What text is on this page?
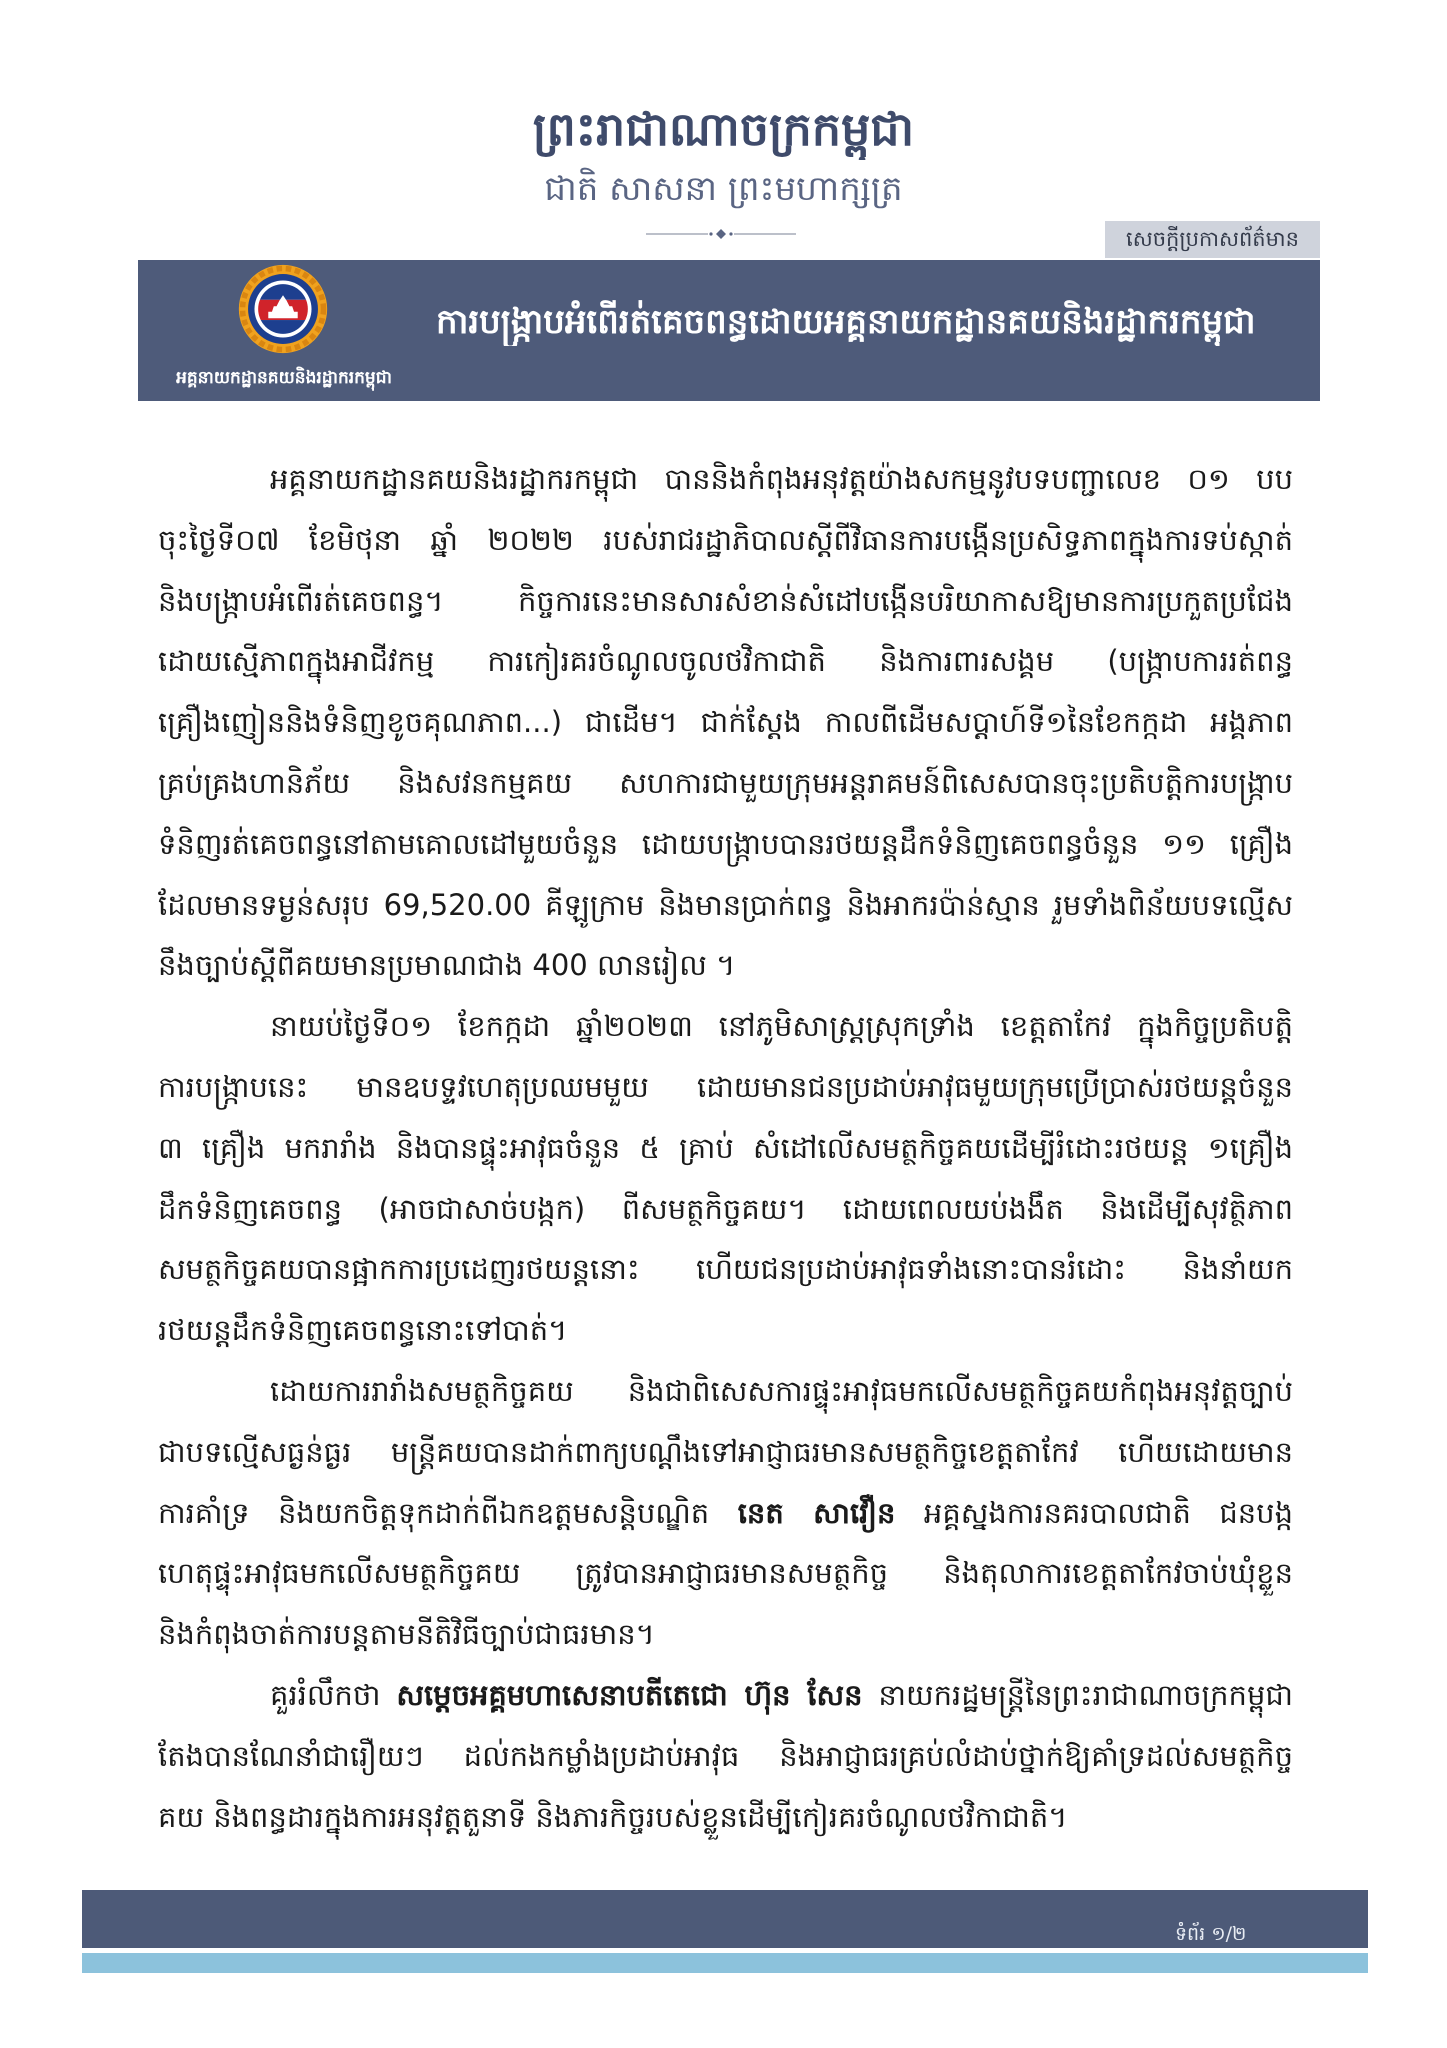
ព្រះរាជាណាចក្រកម្ពុជា
ជាតិ សាសនា ព្រះមហាក្សត្រ
សេចក្តីប្រកាសព័ត៌មាន
អគ្គនាយកដ្ឋានគយនិងរដ្ឋាករកម្ពុជា
ការបង្ក្រាបអំពើរត់គេចពន្ធដោយអគ្គនាយកដ្ឋានគយនិងរដ្ឋាករកម្ពុជា
អគ្គនាយកដ្ឋានគយនិងរដ្ឋាករកម្ពុជា បាននិងកំពុងអនុវត្តយ៉ាងសកម្មនូវបទបញ្ជាលេខ ០១ បប
ចុះថ្ងៃទី០៧ ខែមិថុនា ឆ្នាំ ២០២២ របស់រាជរដ្ឋាភិបាលស្តីពីវិធានការបង្កើនប្រសិទ្ធភាពក្នុងការទប់ស្កាត់
និងបង្ក្រាបអំពើរត់គេចពន្ធ។ កិច្ចការនេះមានសារសំខាន់សំដៅបង្កើនបរិយាកាសឱ្យមានការប្រកួតប្រជែង
ដោយស្មើភាពក្នុងអាជីវកម្ម ការកៀរគរចំណូលចូលថវិកាជាតិ និងការពារសង្គម (បង្ក្រាបការរត់ពន្ធ
គ្រឿងញៀននិងទំនិញខូចគុណភាព...) ជាដើម។ ជាក់ស្តែង កាលពីដើមសប្តាហ៍ទី១នៃខែកក្កដា អង្គភាព
គ្រប់គ្រងហានិភ័យ និងសវនកម្មគយ សហការជាមួយក្រុមអន្តរាគមន៍ពិសេសបានចុះប្រតិបត្តិការបង្ក្រាប
ទំនិញរត់គេចពន្ធនៅតាមគោលដៅមួយចំនួន ដោយបង្ក្រាបបានរថយន្តដឹកទំនិញគេចពន្ធចំនួន ១១ គ្រឿង
ដែលមានទម្ងន់សរុប 69,520.00 គីឡូក្រាម និងមានប្រាក់ពន្ធ និងអាករប៉ាន់ស្មាន រួមទាំងពិន័យបទល្មើស
នឹងច្បាប់ស្តីពីគយមានប្រមាណជាង 400 លានរៀល ។
នាយប់ថ្ងៃទី០១ ខែកក្កដា ឆ្នាំ២០២៣ នៅភូមិសាស្ត្រស្រុកទ្រាំង ខេត្តតាកែវ ក្នុងកិច្ចប្រតិបត្តិ
ការបង្ក្រាបនេះ មានឧបទ្ទវហេតុប្រឈមមួយ ដោយមានជនប្រដាប់អាវុធមួយក្រុមប្រើប្រាស់រថយន្តចំនួន
៣ គ្រឿង មករារាំង និងបានផ្ទុះអាវុធចំនួន ៥ គ្រាប់ សំដៅលើសមត្ថកិច្ចគយដើម្បីរំដោះរថយន្ត ១គ្រឿង
ដឹកទំនិញគេចពន្ធ (អាចជាសាច់បង្កក) ពីសមត្ថកិច្ចគយ។ ដោយពេលយប់ងងឹត និងដើម្បីសុវត្ថិភាព
សមត្ថកិច្ចគយបានផ្អាកការប្រដេញរថយន្តនោះ ហើយជនប្រដាប់អាវុធទាំងនោះបានរំដោះ និងនាំយក
រថយន្តដឹកទំនិញគេចពន្ធនោះទៅបាត់។
ដោយការរារាំងសមត្ថកិច្ចគយ និងជាពិសេសការផ្ទុះអាវុធមកលើសមត្ថកិច្ចគយកំពុងអនុវត្តច្បាប់
ជាបទល្មើសធ្ងន់ធ្ងរ មន្ត្រីគយបានដាក់ពាក្យបណ្តឹងទៅអាជ្ញាធរមានសមត្ថកិច្ចខេត្តតាកែវ ហើយដោយមាន
ការគាំទ្រ និងយកចិត្តទុកដាក់ពីឯកឧត្តមសន្តិបណ្ឌិត នេត សាវឿន អគ្គស្នងការនគរបាលជាតិ ជនបង្ក
ហេតុផ្ទុះអាវុធមកលើសមត្ថកិច្ចគយ ត្រូវបានអាជ្ញាធរមានសមត្ថកិច្ច និងតុលាការខេត្តតាកែវចាប់ឃុំខ្លួន
និងកំពុងចាត់ការបន្តតាមនីតិវិធីច្បាប់ជាធរមាន។
គួររំលឹកថា សម្តេចអគ្គមហាសេនាបតីតេជោ ហ៊ុន សែន នាយករដ្ឋមន្ត្រីនៃព្រះរាជាណាចក្រកម្ពុជា
តែងបានណែនាំជារឿយៗ ដល់កងកម្លាំងប្រដាប់អាវុធ និងអាជ្ញាធរគ្រប់លំដាប់ថ្នាក់ឱ្យគាំទ្រដល់សមត្ថកិច្ច
គយ និងពន្ធដារក្នុងការអនុវត្តតួនាទី និងភារកិច្ចរបស់ខ្លួនដើម្បីកៀរគរចំណូលថវិកាជាតិ។
ទំព័រ ១/២
